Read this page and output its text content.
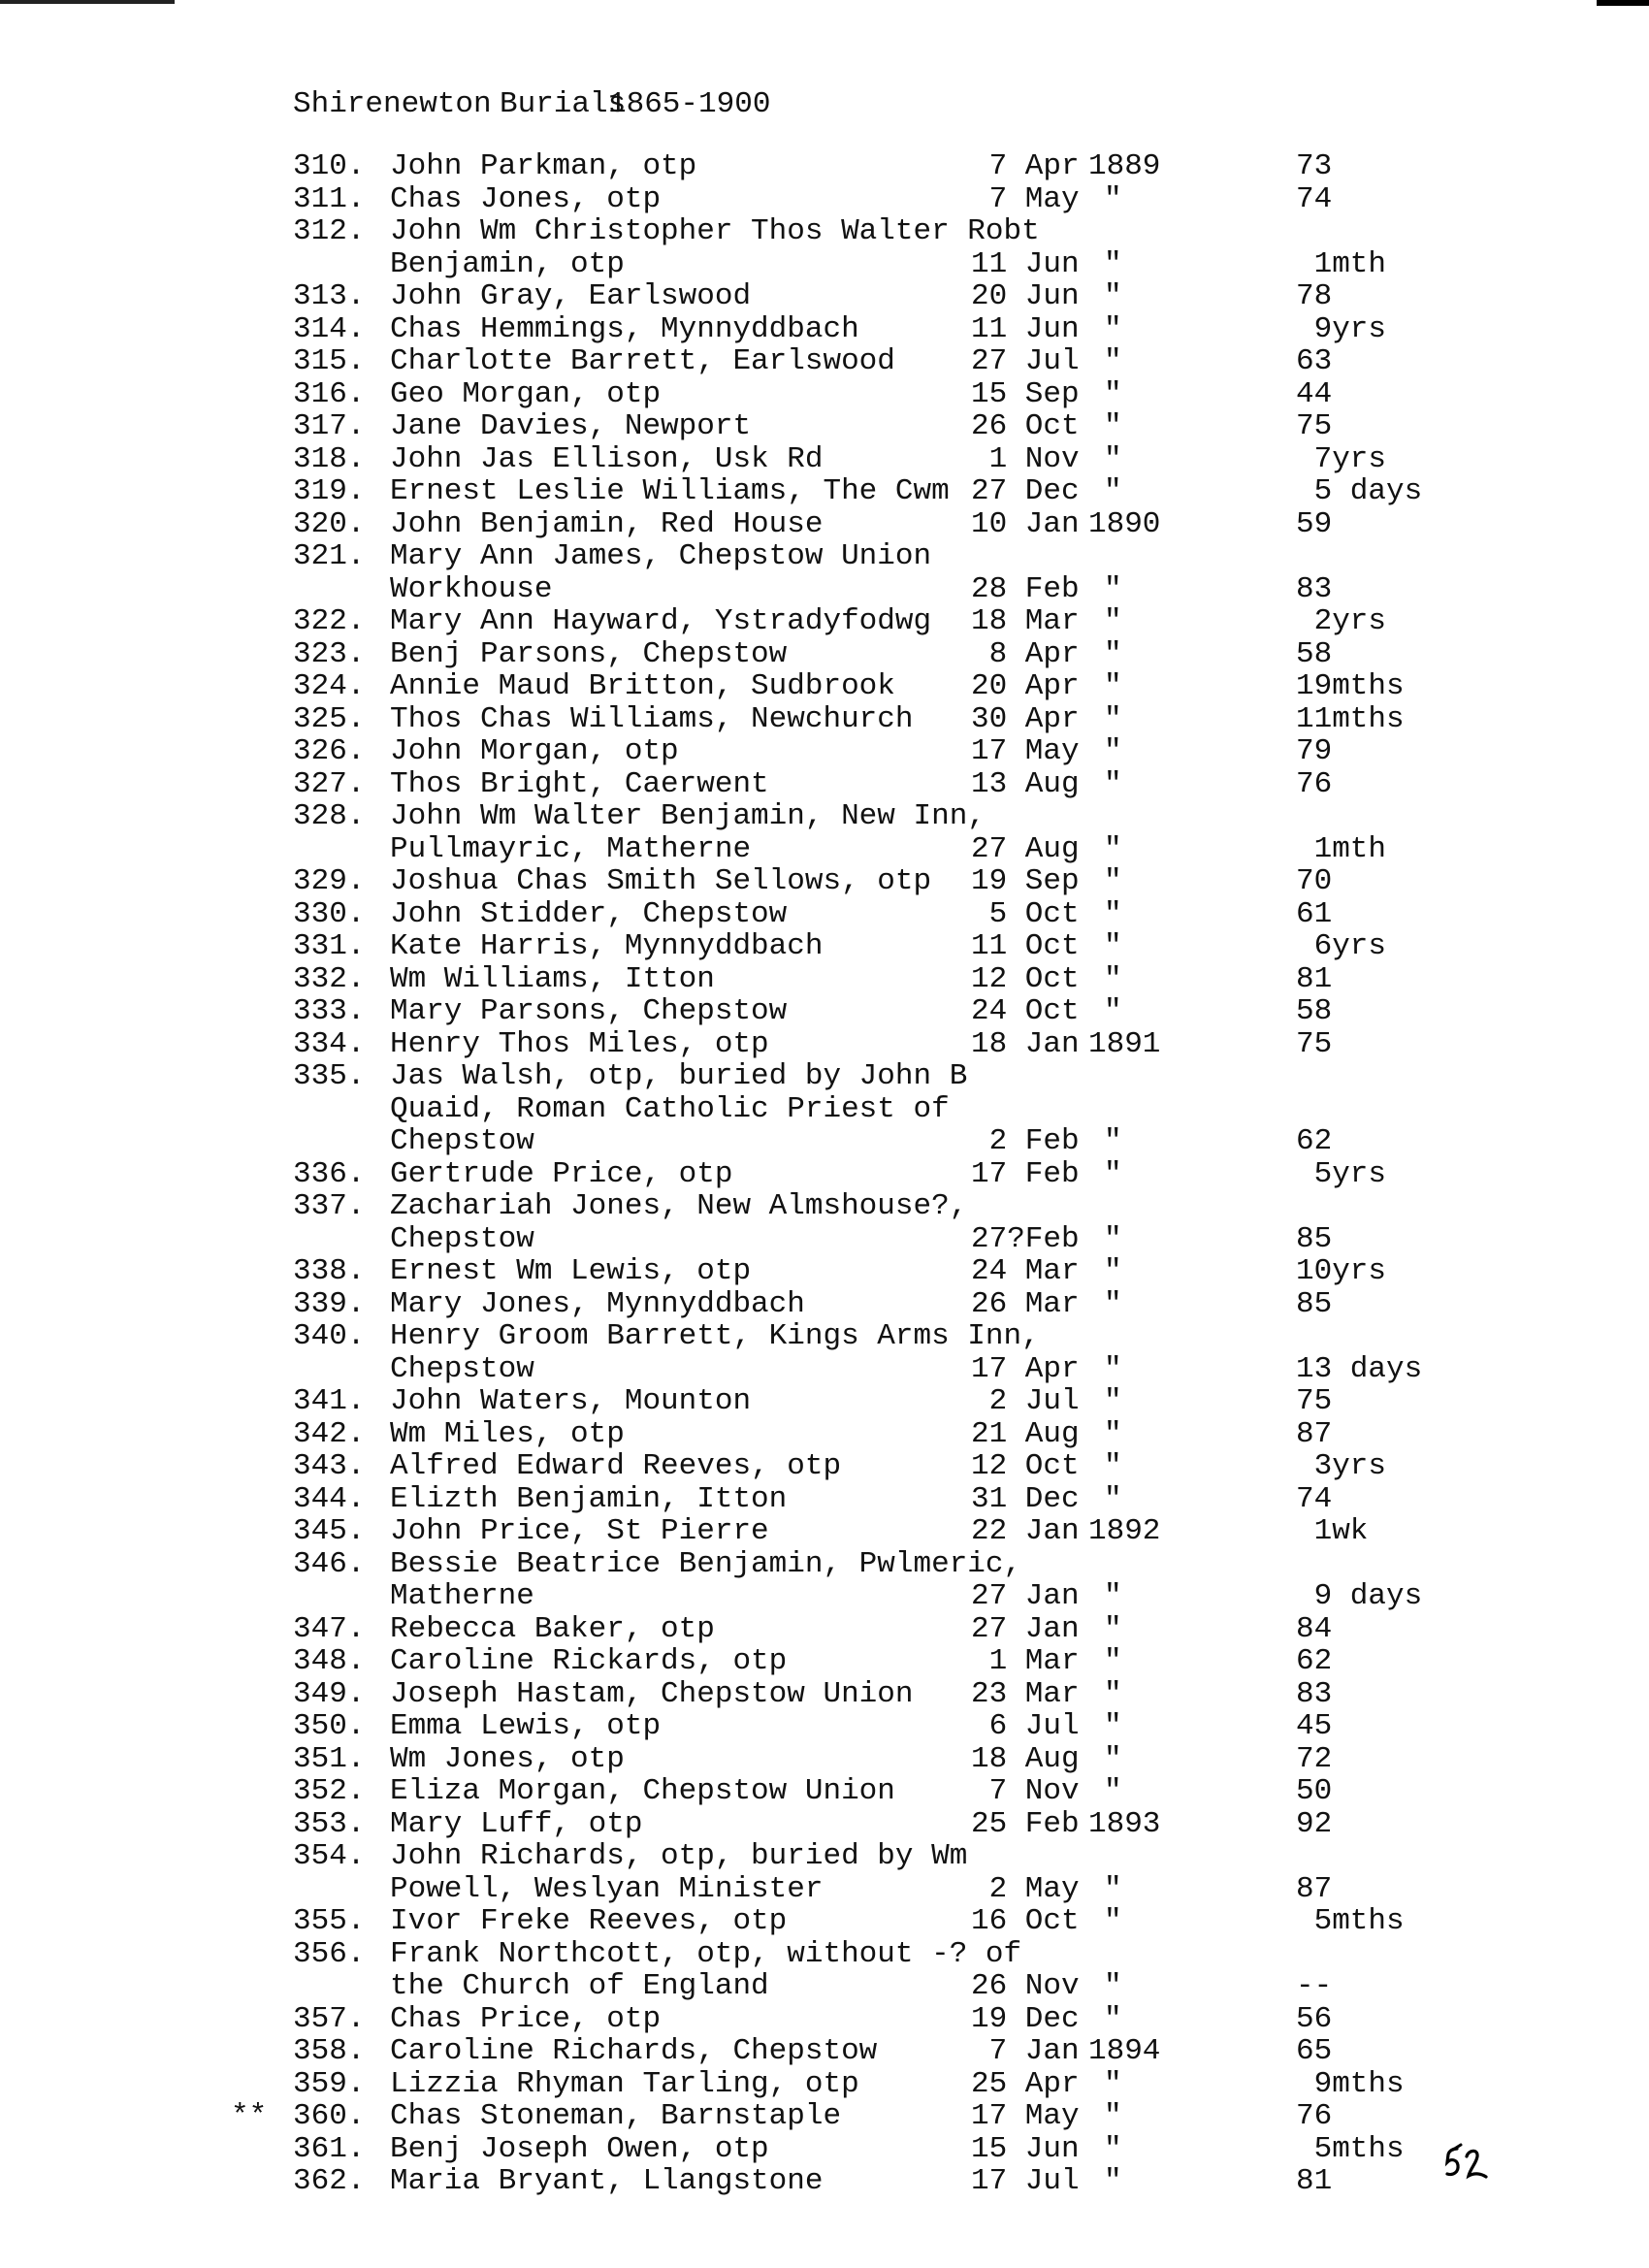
Shirenewton

Burials

1865-1900

310. John Parkman, otp	7 Apr 1889	73
311. Chas Jones, otp	7 May "	74
312. John Wm Christopher Thos Walter Robt
Benjamin, otp	11 Jun "	1mth
313. John Gray, Earlswood	20 Jun "	78
314. Chas Hemmings, Mynnyddbach	11 Jun "	9yrs
315. Charlotte Barrett, Earlswood	27 Jul "	63
316. Geo Morgan, otp	15 Sep "	44
317. Jane Davies, Newport	26 Oct "	75
318. John Jas Ellison, Usk Rd	1 Nov "	7yrs
319. Ernest Leslie Williams, The Cwm 27 Dec "	5 days
320. John Benjamin, Red House	10 Jan 1890	59
321. Mary Ann James, Chepstow Union
Workhouse	28 Feb "	83
322. Mary Ann Hayward, Ystradyfodwg 18 Mar "	2yrs
323. Benj Parsons, Chepstow	8 Apr "	58
324. Annie Maud Britton, Sudbrook	20 Apr "	19mths
325. Thos Chas Williams, Newchurch 30 Apr "	11mths
326. John Morgan, otp	17 May "	79
327. Thos Bright, Caerwent	13 Aug "	76
328. John Wm Walter Benjamin, New Inn,
Pullmayric, Matherne	27 Aug "	1mth
329. Joshua Chas Smith Sellows, otp 19 Sep "	70
330. John Stidder, Chepstow	5 Oct "	61
331. Kate Harris, Mynnyddbach	11 Oct "	6yrs
332. Wm Williams, Itton	12 Oct "	81
333. Mary Parsons, Chepstow	24 Oct "	58
334. Henry Thos Miles, otp	18 Jan 1891	75
335. Jas Walsh, otp, buried by John B
Quaid, Roman Catholic Priest of
Chepstow	2 Feb "	62
336. Gertrude Price, otp	17 Feb "	5yrs
337. Zachariah Jones, New Almshouse?,
Chepstow	27?Feb "	85
338. Ernest Wm Lewis, otp	24 Mar "	10yrs
339. Mary Jones, Mynnyddbach	26 Mar "	85
340. Henry Groom Barrett, Kings Arms Inn,
Chepstow	17 Apr "	13 days
341. John Waters, Mounton	2 Jul "	75
342. Wm Miles, otp	21 Aug "	87
343. Alfred Edward Reeves, otp	12 Oct "	3yrs
344. Elizth Benjamin, Itton	31 Dec "	74
345. John Price, St Pierre	22 Jan 1892	1wk
346. Bessie Beatrice Benjamin, Pwlmeric,
Matherne	27 Jan "	9 days
347. Rebecca Baker, otp	27 Jan "	84
348. Caroline Rickards, otp	1 Mar "	62
349. Joseph Hastam, Chepstow Union 23 Mar "	83
350. Emma Lewis, otp	6 Jul "	45
351. Wm Jones, otp	18 Aug "	72
352. Eliza Morgan, Chepstow Union	7 Nov "	50
353. Mary Luff, otp	25 Feb 1893	92
354. John Richards, otp, buried by Wm
Powell, Weslyan Minister	2 May "	87
355. Ivor Freke Reeves, otp	16 Oct "	5mths
356. Frank Northcott, otp, without -? of
the Church of England	26 Nov "	--
357. Chas Price, otp	19 Dec "	56
358. Caroline Richards, Chepstow	7 Jan 1894	65
359. Lizzia Rhyman Tarling, otp	25 Apr "	9mths
** 360. Chas Stoneman, Barnstaple	17 May "	76
361. Benj Joseph Owen, otp	15 Jun "	5mths
362. Maria Bryant, Llangstone	17 Jul "	81
